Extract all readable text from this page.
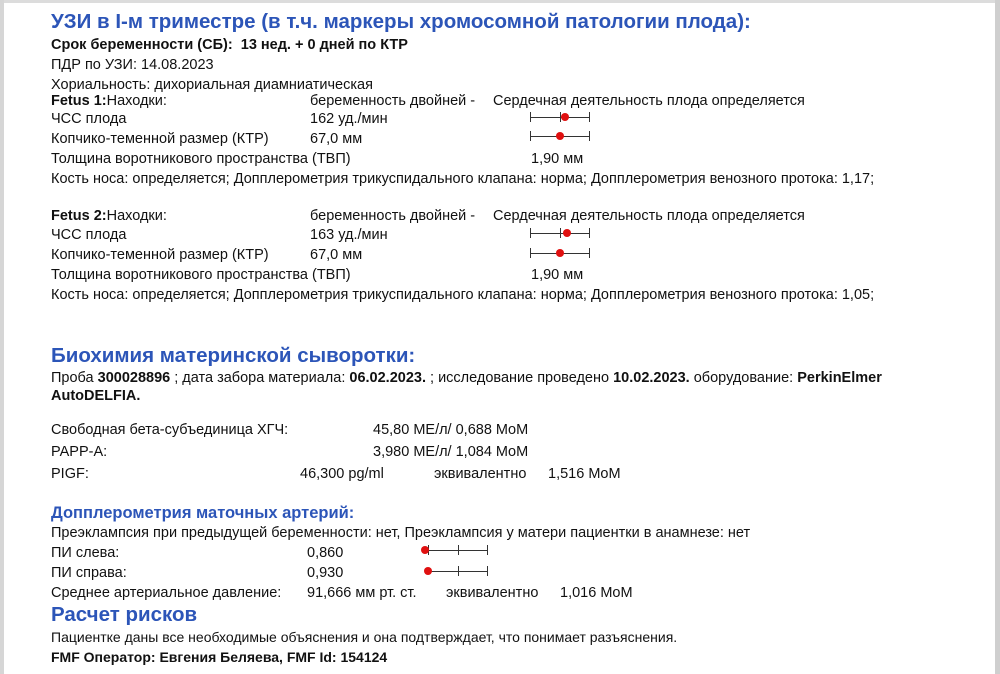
УЗИ в I-м триместре (в т.ч. маркеры хромосомной патологии плода):
Срок беременности (СБ): 13 нед. + 0 дней по КТР
ПДР по УЗИ: 14.08.2023
Хориальность: дихориальная диамниатическая
Fetus 1:Находки:	беременность двойней - Сердечная деятельность плода определяется
ЧСС плода	162 уд./мин
Копчико-теменной размер (КТР)	67,0 мм
Толщина воротникового пространства (ТВП)	1,90 мм
Кость носа: определяется; Допплерометрия трикуспидального клапана: норма; Допплерометрия венозного протока: 1,17;
Fetus 2:Находки:	беременность двойней - Сердечная деятельность плода определяется
ЧСС плода	163 уд./мин
Копчико-теменной размер (КТР)	67,0 мм
Толщина воротникового пространства (ТВП)	1,90 мм
Кость носа: определяется; Допплерометрия трикуспидального клапана: норма; Допплерометрия венозного протока: 1,05;
Биохимия материнской сыворотки:
Проба 300028896 ; дата забора материала: 06.02.2023. ; исследование проведено 10.02.2023. оборудование: PerkinElmer
AutoDELFIA.
Свободная бета-субъединица ХГЧ:	45,80 МЕ/л/ 0,688 MoM
PAPP-A:	3,980 МЕ/л/ 1,084 MoM
PIGF:	46,300 pg/ml	эквивалентно 1,516 MoM
Допплерометрия маточных артерий:
Преэклампсия при предыдущей беременности: нет, Преэклампсия у матери пациентки в анамнезе: нет
ПИ слева:	0,860
ПИ справа:	0,930
Среднее артериальное давление: 91,666 мм рт. ст. эквивалентно 1,016 MoM
Расчет рисков
Пациентке даны все необходимые объяснения и она подтверждает, что понимает разъяснения.
FMF Оператор: Евгения Беляева, FMF Id: 154124
